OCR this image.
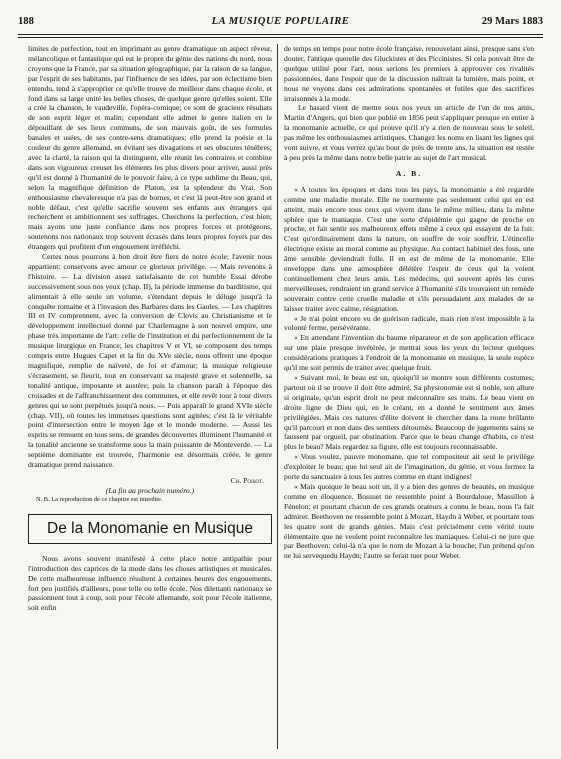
188	LA MUSIQUE POPULAIRE	29 Mars 1883

limites de perfection, tout en imprimant au genre dramatique un aspect rêveur, mélancolique et fantastique qui est le propre du génie des nations du nord, nous croyons que la France, par sa situation géographique, par la raison de sa langue, par l'esprit de ses habitants, par l'influence de ses idées, par son éclectisme bien entendu, tend à s'approprier ce qu'elle trouve de meilleur dans chaque école, et fond dans sa large unité les belles choses, de quelque genre qu'elles soient. Elle a créé la chanson, le vaudeville, l'opéra-comique; ce sont de gracieux résultats de son esprit léger et malin; cependant elle admet le genre italien en le dépouillant de ses lieux communs, de son mauvais goût, de ses formules banales et usées, de ses contre-sens dramatiques; elle prend la poésie et la couleur du genre allemand, en évitant ses divagations et ses obscures ténèbres; avec la clarté, la raison qui la distinguent, elle réunit les contraires et combine dans son vigoureux creuset les éléments les plus divers pour arriver, aussi près qu'il est donné à l'humanité de le pouvoir faire, à ce type sublime du Beau, qui, selon la magnifique définition de Platon, est la splendeur du Vrai. Son enthousiasme chevaleresque n'a pas de bornes, et c'est là peut-être son grand et noble défaut, c'est qu'elle sacrifie souvent ses enfants aux étrangers qui recherchent et ambitionnent ses suffrages. Cherchons la perfection, c'est bien; mais ayons une juste confiance dans nos propres forces et protégeons, soutenons nos nationaux trop souvent écrasés dans leurs propres foyers par des étrangers qui profitent d'un engouement irréfléchi.

Certes nous pourrons à bon droit être fiers de notre école; l'avenir nous appartient: conservons avec amour ce glorieux privilège. — Mais revenons à l'histoire. — La division assez satisfaisante de cet humble Essai dérobe successivement sous nos yeux (chap. II), la période immense du barditisme, qui alimentait à elle seule un volume, s'étendant depuis le déluge jusqu'à la conquête romaine et à l'invasion des Barbares dans les Gaules. — Les chapitres III et IV comprennent, avec la conversion de Clovis au Christianisme et le développement intellectuel donné par Charlemagne à son nouvel empire, une phase très importante de l'art: celle de l'institution et du perfectionnement de la musique liturgique en France; les chapitres V et VI, se composent des temps compris entre Hugues Capet et la fin du XVe siècle, nous offrent une époque magnifique, remplie de naïveté, de foi et d'amour; la musique religieuse s'écrasement, se fleurit, tout en conservant sa majesté grave et solennelle, sa tonalité antique, imposante et austère; puis la chanson paraît à l'époque des croisades et de l'affranchissement des communes, et elle revêt tour à tour divers genres qui se sont perpétués jusqu'à nous. — Puis apparaît le grand XVIe siècle (chap. VII), où toutes les immenses questions sont agitées; c'est là le véritable point d'intersection entre le moyen âge et le monde moderne. — Aussi les esprits se remuent en tous sens, de grandes découvertes illuminent l'humanité et la tonalité ancienne se transforme sous la main puissante de Monteverde. — La septième dominante est trouvée, l'harmonie est désormais créée, le genre dramatique prend naissance.

Ch. Poisot.

(La fin au prochain numéro.)

N. B. La reproduction de ce chapitre est interdite.

De la Monomanie en Musique

Nous avons souvent manifesté à cette place notre antipathie pour l'introduction des caprices de la mode dans les choses artistiques et musicales. De cette malheureuse influence résultent à certaines heures des engouements, fort peu justifiés d'ailleurs, pour telle ou telle école. Nos dilettanti nationaux se passionnent tout à coup, soit pour l'école allemande, soit pour l'école italienne, soit enfin

de temps en temps pour notre école française, renouvelant ainsi, presque sans s'en douter, l'antique querelle des Gluckistes et des Piccinistes. Si cela pouvait être de quelque utilité pour l'art, nous serions les premiers à approuver ces rivalités passionnées, dans l'espoir que de la discussion naîtrait la lumière, mais point, et nous ne voyons dans ces admirations spontanées et futiles que des sacrifices irraisonnés à la mode.

Le hasard vient de mettre sous nos yeux un article de l'un de nos amis, Martin d'Angers, qui bien que publié en 1856 peut s'appliquer presque en entier à la monomanie actuelle, ce qui prouve qu'il n'y a rien de nouveau sous le soleil, pas même les enthousiasmes artistiques. Changez les noms en lisant les lignes qui vont suivre, et vous verrez qu'au bout de près de trente ans, la situation est restée à peu près la même dans notre belle patrie au sujet de l'art musical.

A. B.

« A toutes les époques et dans tous les pays, la monomanie a été regardée comme une maladie morale. Elle ne tourmente pas seulement celui qui en est atteint, mais encore tous ceux qui vivent dans le même milieu, dans la même sphère que le maniaque. C'est une sorte d'épidémie qui gagne de proche en proche, et fait sentir ses malheureux effets même à ceux qui essayent de la fuir. C'est qu'ordinairement dans la nature, on souffre de voir souffrir. L'étincelle électrique existe au moral comme au physique. Au contact habituel des fous, une âme sensible deviendrait folle. Il en est de même de la monomanie. Elle enveloppe dans une atmosphère délétère l'esprit de ceux qui la voient continuellement chez leurs amis. Les médecins, qui souvent après les cures merveilleuses, rendraient un grand service à l'humanité s'ils trouvaient un remède souverain contre cette cruelle maladie et s'ils persuadaient aux malades de se laisser traiter avec calme, résignation.

« Je n'ai point encore vu de guérison radicale, mais rien n'est impossible à la volonté ferme, persévérante.

« En attendant l'invention du baume réparateur et de son application efficace sur une plaie presque invétérée, je mettrai sous les yeux du lecteur quelques considérations pratiques à l'endroit de la monomanie en musique, la seule espèce qu'il me soit permis de traiter avec quelque fruit.

« Suivant moi, le beau est un, quoiqu'il se montre sous différents costumes; partout où il se trouve il doit être admiré. Sa physionomie est si noble, son allure si originale, qu'un esprit droit ne peut méconnaître ses traits. Le beau vient en droite ligne de Dieu qui, en le créant, en a donné le sentiment aux âmes privilégiées. Mais ces natures d'élite doivent le chercher dans la route brillante qu'il parcourt et non dans des sentiers détournés. Beaucoup de jugements sains se faussent par orgueil, par obstination. Parce que le beau change d'habits, ce n'est plus le beau? Mais regardez sa figure, elle est toujours reconnaissable.

« Vous voulez, pauvre monomane, que tel compositeur ait seul le privilège d'exploiter le beau; que lui seul ait de l'imagination, du génie, et vous fermez la porte du sanctuaire à tous les autres comme en étant indignes!

« Mais quoique le beau soit un, il y a bien des genres de beautés, en musique comme en éloquence. Bossuet ne ressemble point à Bourdaloue, Massillon à Fénelon; et pourtant chacun de ces grands orateurs a connu le beau, nous l'a fait admirer. Beethoven ne ressemble point à Mozart, Haydn à Weber, et pourtant tous les quatre sont de grands génies. Mais c'est précisément cette vérité toute élémentaire que ne veulent point reconnaître les maniaques. Celui-ci ne jure que par Beethoven: celui-là n'a que le nom de Mozart à la bouche; l'un prétend qu'on ne lui servequedu Haydn; l'autre se ferait tuer pour Weber.
